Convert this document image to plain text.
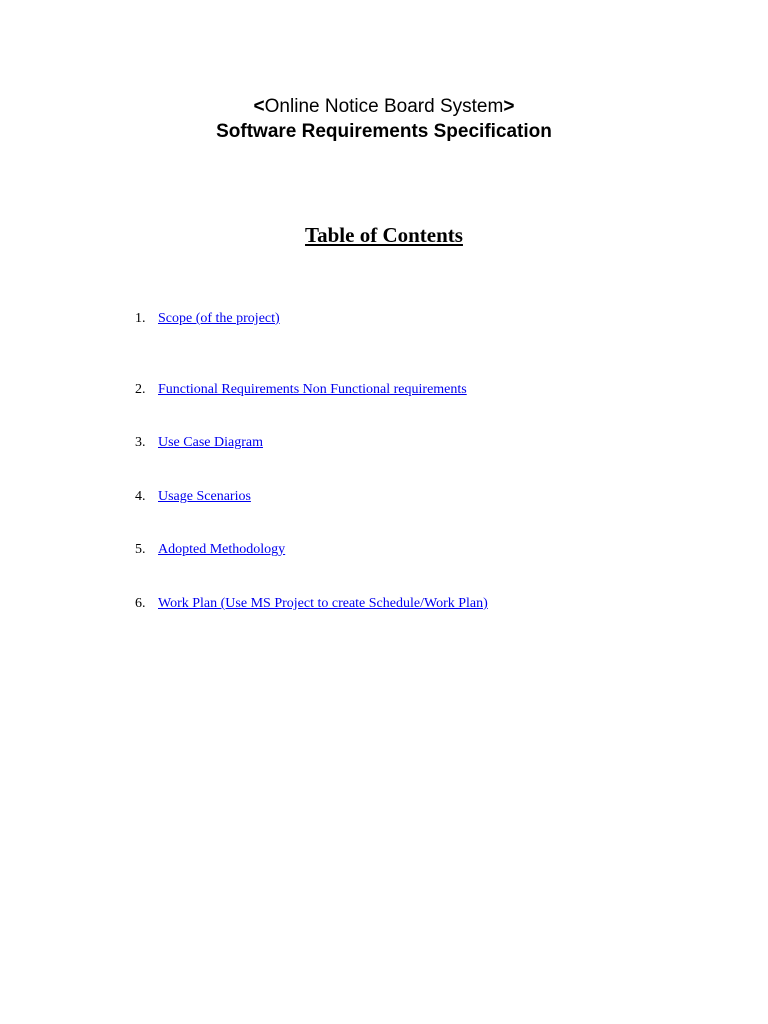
<Online Notice Board System>
Software Requirements Specification
Table of Contents
1. Scope (of the project)
2. Functional Requirements Non Functional requirements
3. Use Case Diagram
4. Usage Scenarios
5. Adopted Methodology
6. Work Plan (Use MS Project to create Schedule/Work Plan)
